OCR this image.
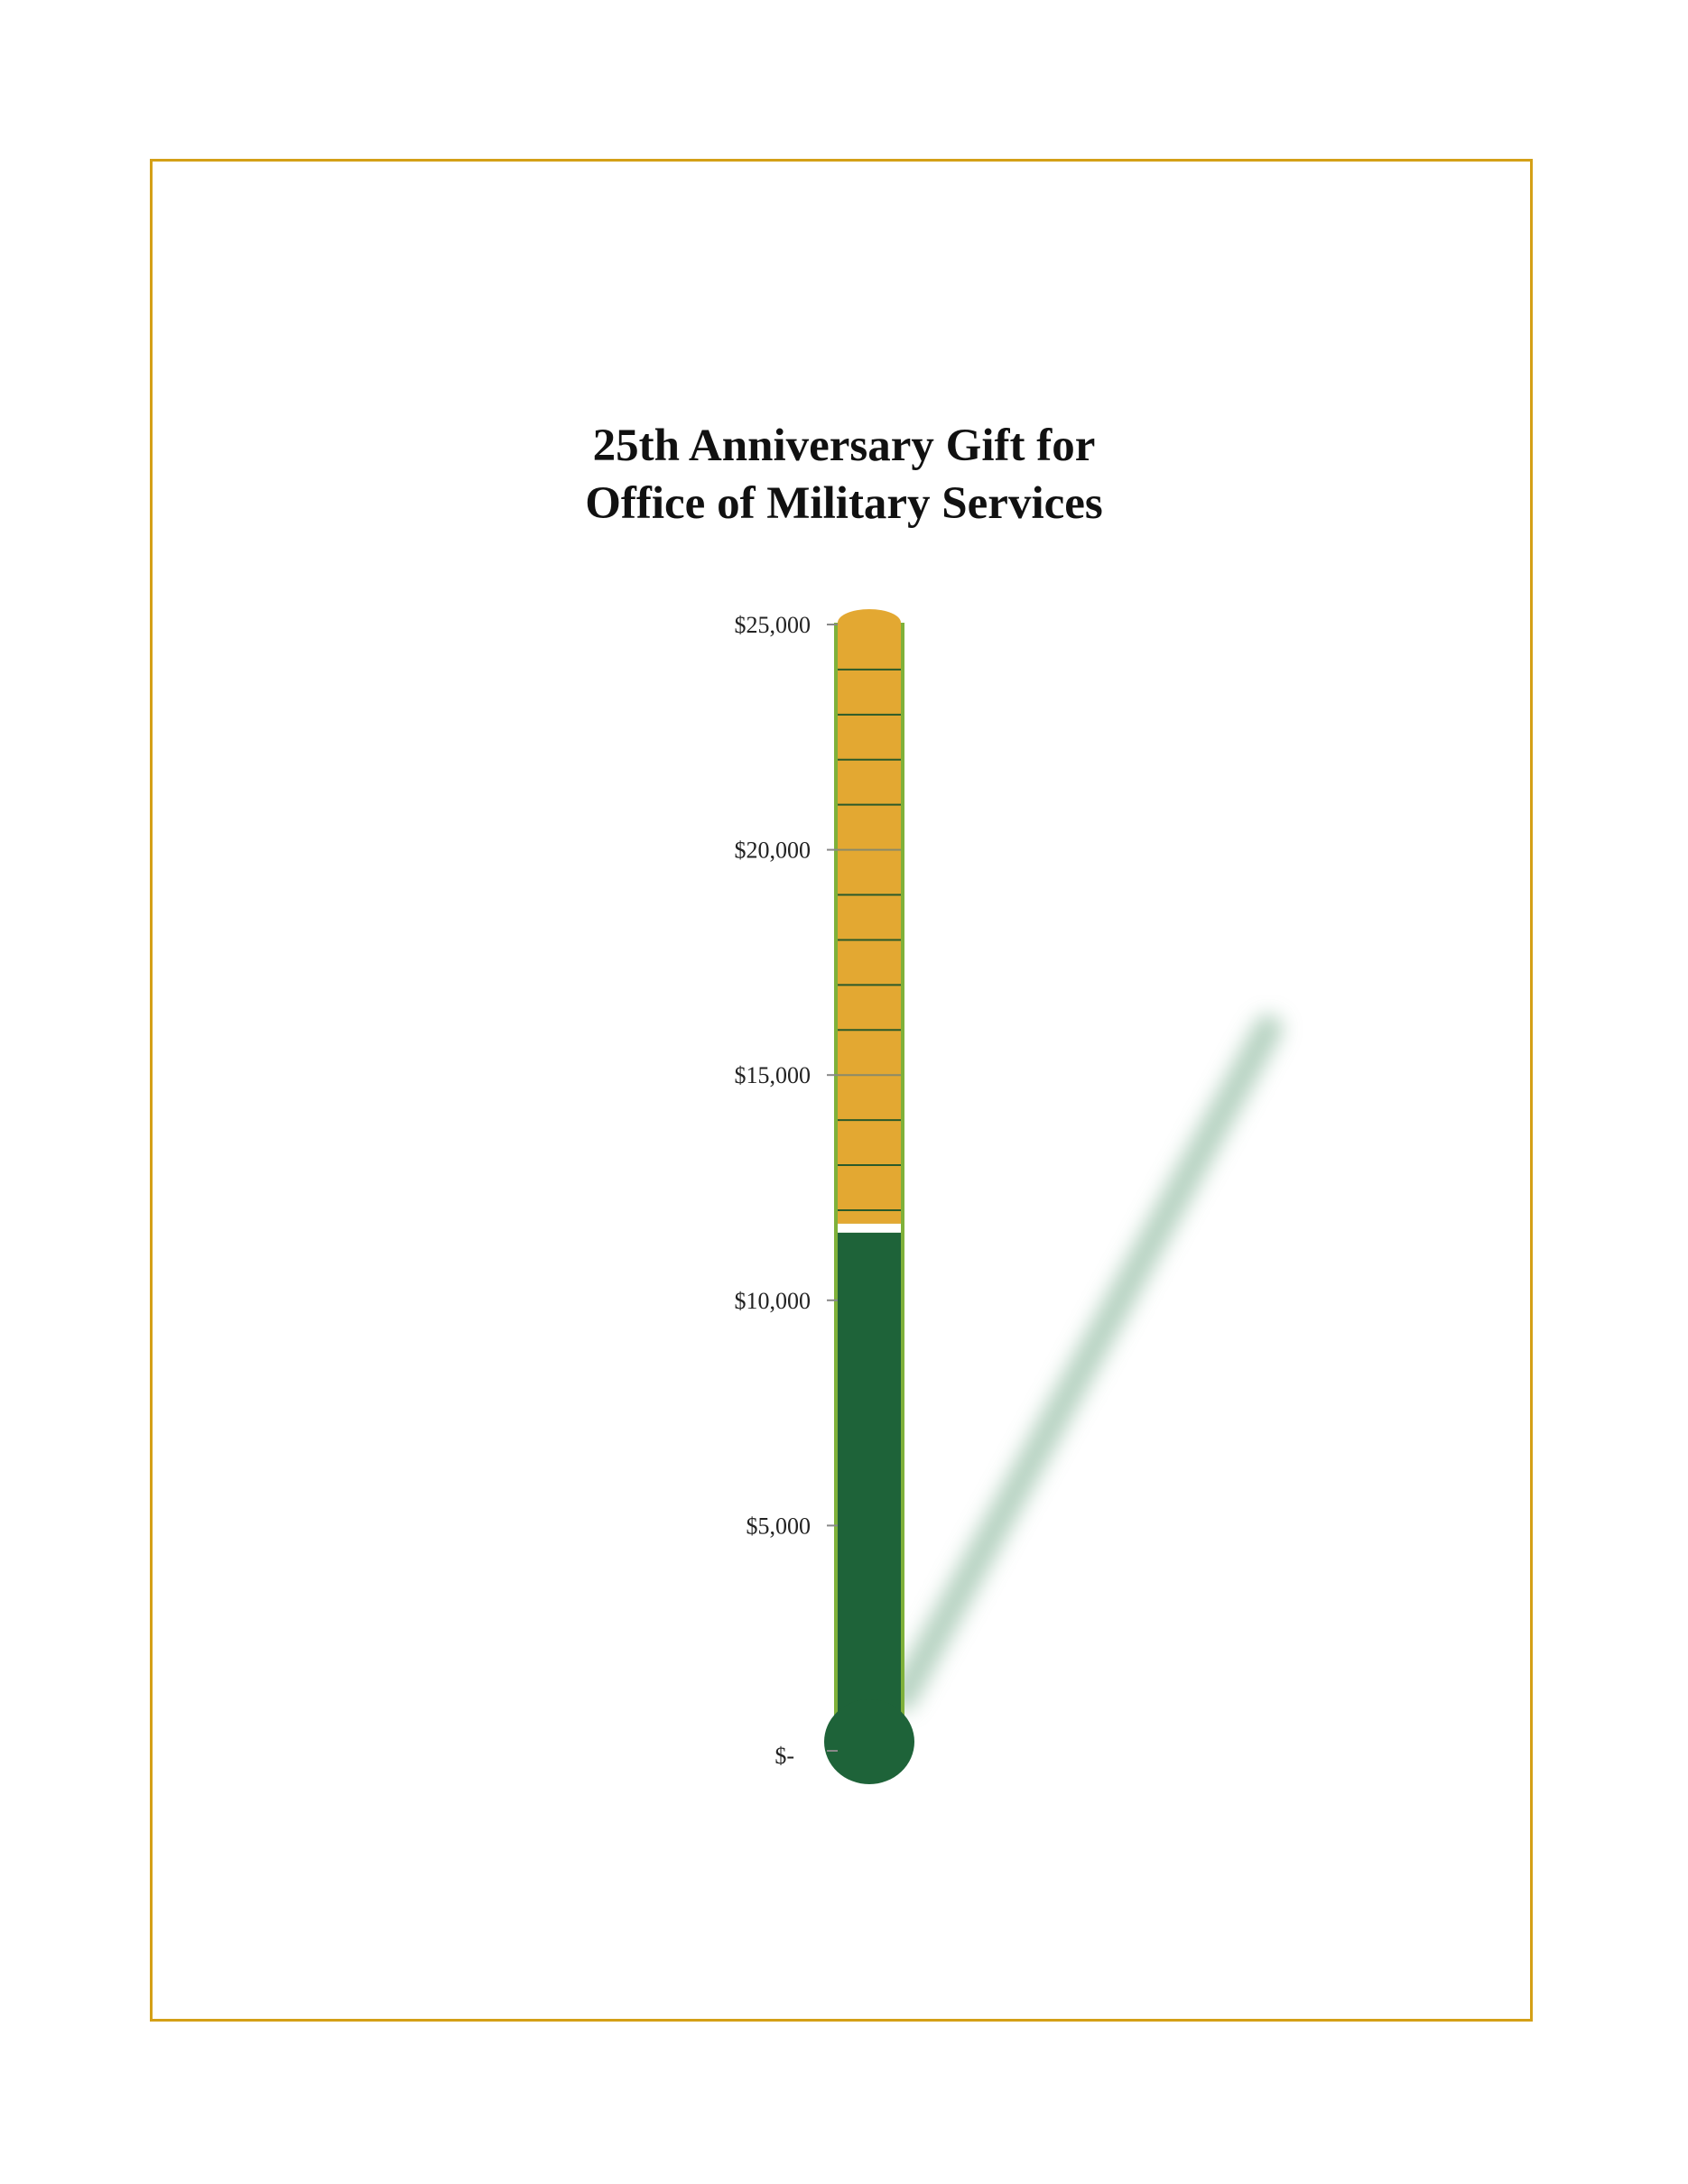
25th Anniversary Gift for
Office of Military Services
$-
$5,000
$10,000
$15,000
$20,000
$25,000
